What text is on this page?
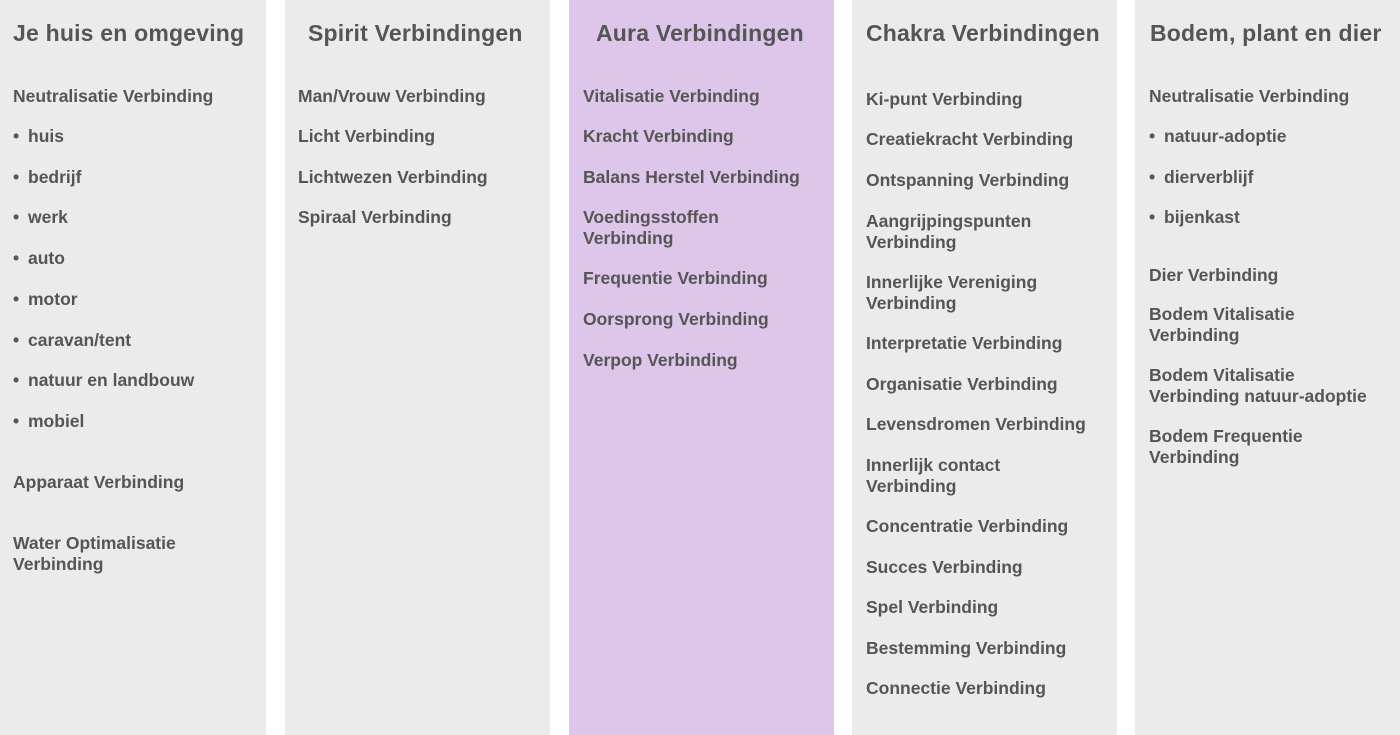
Je huis en omgeving
Neutralisatie Verbinding
• huis
• bedrijf
• werk
• auto
• motor
• caravan/tent
• natuur en landbouw
• mobiel
Apparaat Verbinding
Water Optimalisatie
Verbinding
Spirit Verbindingen
Man/Vrouw Verbinding
Licht Verbinding
Lichtwezen Verbinding
Spiraal Verbinding
Aura Verbindingen
Vitalisatie Verbinding
Kracht Verbinding
Balans Herstel Verbinding
Voedingsstoffen
Verbinding
Frequentie Verbinding
Oorsprong Verbinding
Verpop Verbinding
Chakra Verbindingen
Ki-punt Verbinding
Creatiekracht Verbinding
Ontspanning Verbinding
Aangrijpingspunten
Verbinding
Innerlijke Vereniging
Verbinding
Interpretatie Verbinding
Organisatie Verbinding
Levensdromen Verbinding
Innerlijk contact
Verbinding
Concentratie Verbinding
Succes Verbinding
Spel Verbinding
Bestemming Verbinding
Connectie Verbinding
Bodem, plant en dier
Neutralisatie Verbinding
• natuur-adoptie
• dierverblijf
• bijenkast
Dier Verbinding
Bodem Vitalisatie
Verbinding
Bodem Vitalisatie
Verbinding natuur-adoptie
Bodem Frequentie
Verbinding
